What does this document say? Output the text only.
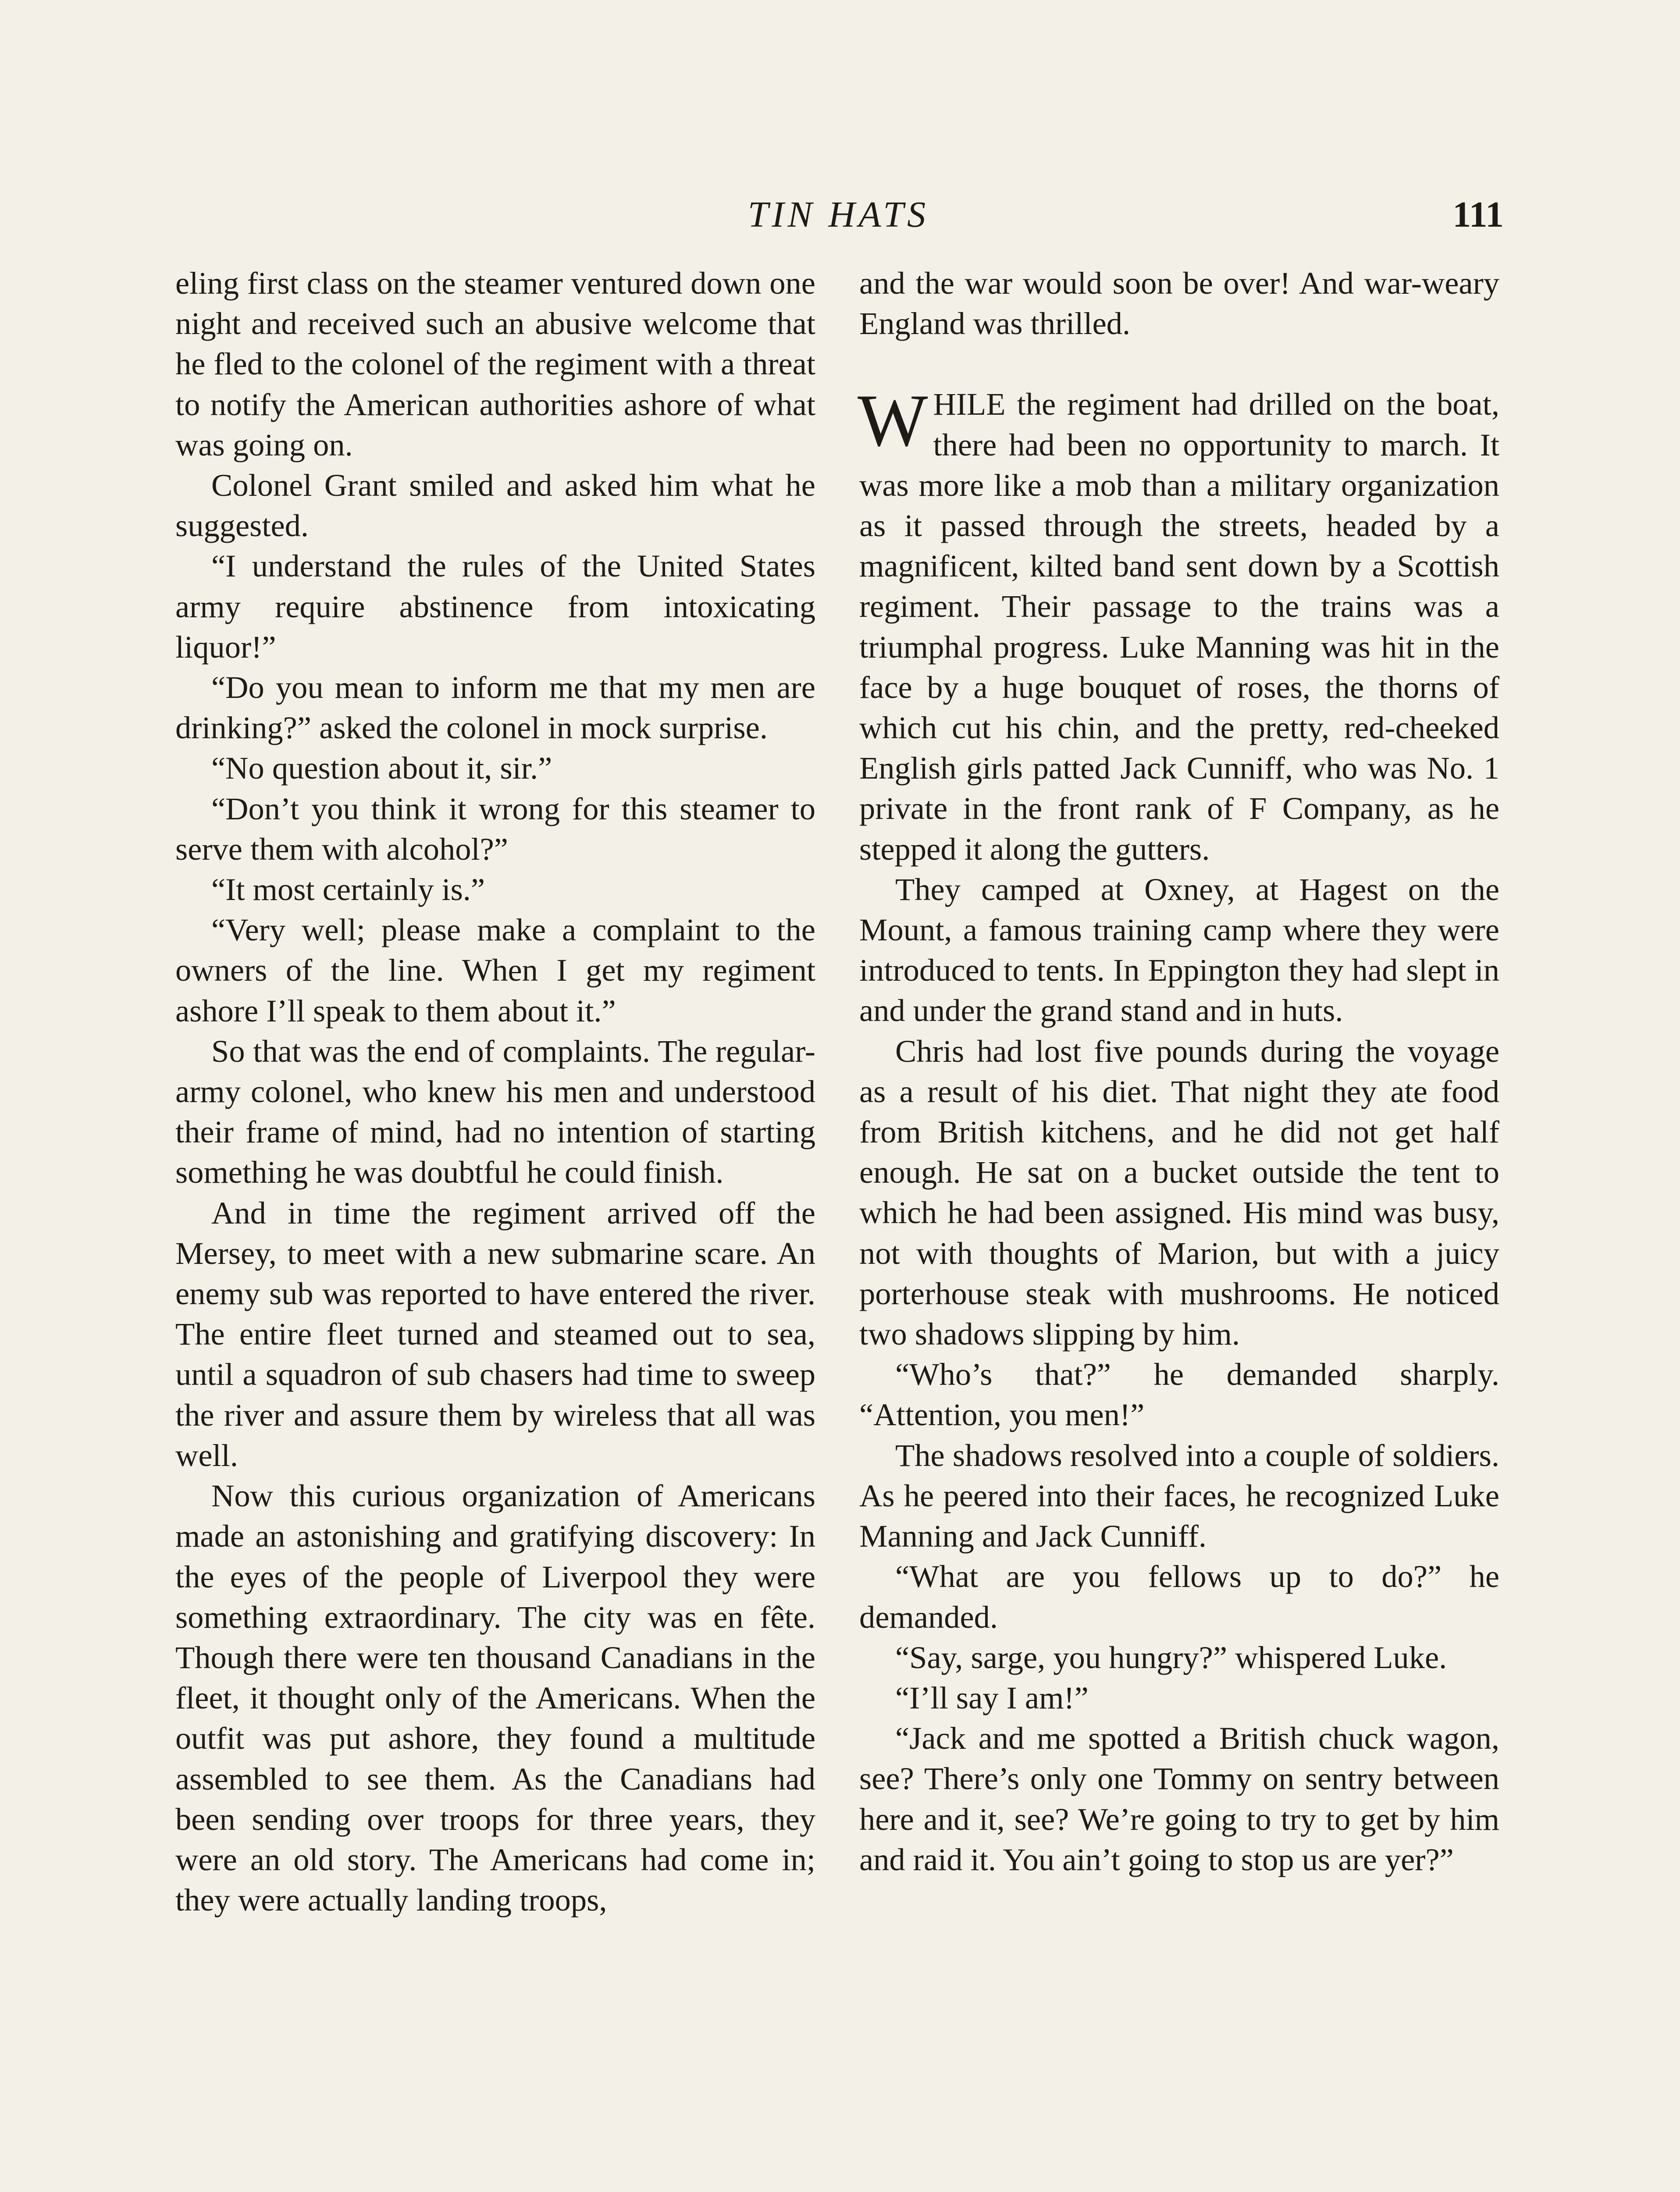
TIN HATS	111

eling first class on the steamer ventured down one night and received such an abusive welcome that he fled to the colonel of the regiment with a threat to notify the American authorities ashore of what was going on.

Colonel Grant smiled and asked him what he suggested.

“I understand the rules of the United States army require abstinence from intoxicating liquor!”

“Do you mean to inform me that my men are drinking?” asked the colonel in mock surprise.

“No question about it, sir.”

“Don’t you think it wrong for this steamer to serve them with alcohol?”

“It most certainly is.”

“Very well; please make a complaint to the owners of the line. When I get my regiment ashore I’ll speak to them about it.”

So that was the end of complaints. The regular-army colonel, who knew his men and understood their frame of mind, had no intention of starting something he was doubtful he could finish.

And in time the regiment arrived off the Mersey, to meet with a new submarine scare. An enemy sub was reported to have entered the river. The entire fleet turned and steamed out to sea, until a squadron of sub chasers had time to sweep the river and assure them by wireless that all was well.

Now this curious organization of Americans made an astonishing and gratifying discovery: In the eyes of the people of Liverpool they were something extraordinary. The city was en fête. Though there were ten thousand Canadians in the fleet, it thought only of the Americans. When the outfit was put ashore, they found a multitude assembled to see them. As the Canadians had been sending over troops for three years, they were an old story. The Americans had come in; they were actually landing troops,

and the war would soon be over! And war-weary England was thrilled.

WHILE the regiment had drilled on the boat, there had been no opportunity to march. It was more like a mob than a military organization as it passed through the streets, headed by a magnificent, kilted band sent down by a Scottish regiment. Their passage to the trains was a triumphal progress. Luke Manning was hit in the face by a huge bouquet of roses, the thorns of which cut his chin, and the pretty, red-cheeked English girls patted Jack Cunniff, who was No. 1 private in the front rank of F Company, as he stepped it along the gutters.

They camped at Oxney, at Hagest on the Mount, a famous training camp where they were introduced to tents. In Eppington they had slept in and under the grand stand and in huts.

Chris had lost five pounds during the voyage as a result of his diet. That night they ate food from British kitchens, and he did not get half enough. He sat on a bucket outside the tent to which he had been assigned. His mind was busy, not with thoughts of Marion, but with a juicy porterhouse steak with mushrooms. He noticed two shadows slipping by him.

“Who’s that?” he demanded sharply. “Attention, you men!”

The shadows resolved into a couple of soldiers. As he peered into their faces, he recognized Luke Manning and Jack Cunniff.

“What are you fellows up to do?” he demanded.

“Say, sarge, you hungry?” whispered Luke.

“I’ll say I am!”

“Jack and me spotted a British chuck wagon, see? There’s only one Tommy on sentry between here and it, see? We’re going to try to get by him and raid it. You ain’t going to stop us are yer?”
